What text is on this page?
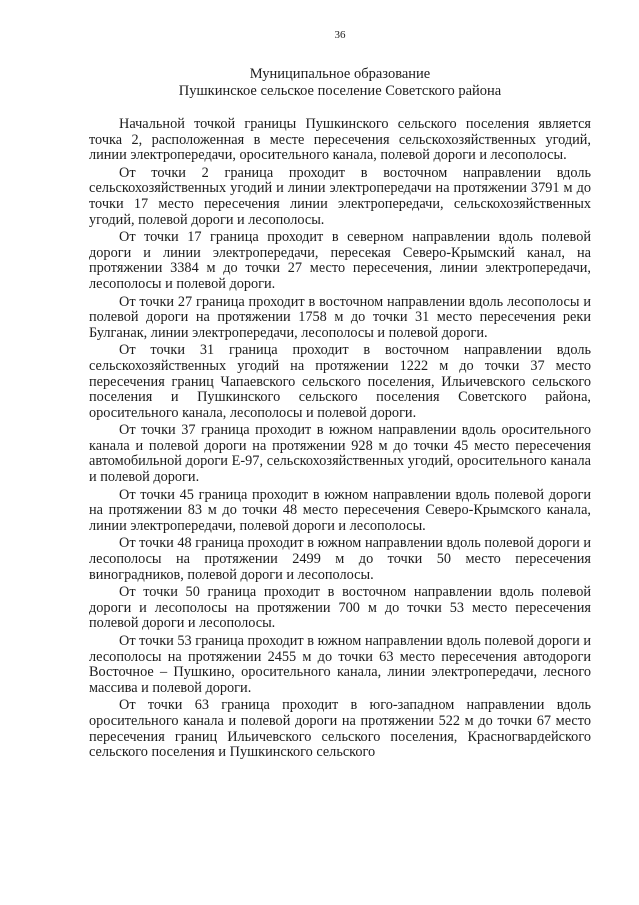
36
Муниципальное образование
Пушкинское сельское поселение Советского района

Начальной точкой границы Пушкинского сельского поселения является точка 2, расположенная в месте пересечения сельскохозяйственных угодий, линии электропередачи, оросительного канала, полевой дороги и лесополосы.

От точки 2 граница проходит в восточном направлении вдоль сельскохозяйственных угодий и линии электропередачи на протяжении 3791 м до точки 17 место пересечения линии электропередачи, сельскохозяйственных угодий, полевой дороги и лесополосы.

От точки 17 граница проходит в северном направлении вдоль полевой дороги и линии электропередачи, пересекая Северо-Крымский канал, на протяжении 3384 м до точки 27 место пересечения, линии электропередачи, лесополосы и полевой дороги.

От точки 27 граница проходит в восточном направлении вдоль лесополосы и полевой дороги на протяжении 1758 м до точки 31 место пересечения реки Булганак, линии электропередачи, лесополосы и полевой дороги.

От точки 31 граница проходит в восточном направлении вдоль сельскохозяйственных угодий на протяжении 1222 м до точки 37 место пересечения границ Чапаевского сельского поселения, Ильичевского сельского поселения и Пушкинского сельского поселения Советского района, оросительного канала, лесополосы и полевой дороги.

От точки 37 граница проходит в южном направлении вдоль оросительного канала и полевой дороги на протяжении 928 м до точки 45 место пересечения автомобильной дороги Е-97, сельскохозяйственных угодий, оросительного канала и полевой дороги.

От точки 45 граница проходит в южном направлении вдоль полевой дороги на протяжении 83 м до точки 48 место пересечения Северо-Крымского канала, линии электропередачи, полевой дороги и лесополосы.

От точки 48 граница проходит в южном направлении вдоль полевой дороги и лесополосы на протяжении 2499 м до точки 50 место пересечения виноградников, полевой дороги и лесополосы.

От точки 50 граница проходит в восточном направлении вдоль полевой дороги и лесополосы на протяжении 700 м до точки 53 место пересечения полевой дороги и лесополосы.

От точки 53 граница проходит в южном направлении вдоль полевой дороги и лесополосы на протяжении 2455 м до точки 63 место пересечения автодороги Восточное – Пушкино, оросительного канала, линии электропередачи, лесного массива и полевой дороги.

От точки 63 граница проходит в юго-западном направлении вдоль оросительного канала и полевой дороги на протяжении 522 м до точки 67 место пересечения границ Ильичевского сельского поселения, Красногвардейского сельского поселения и Пушкинского сельского
